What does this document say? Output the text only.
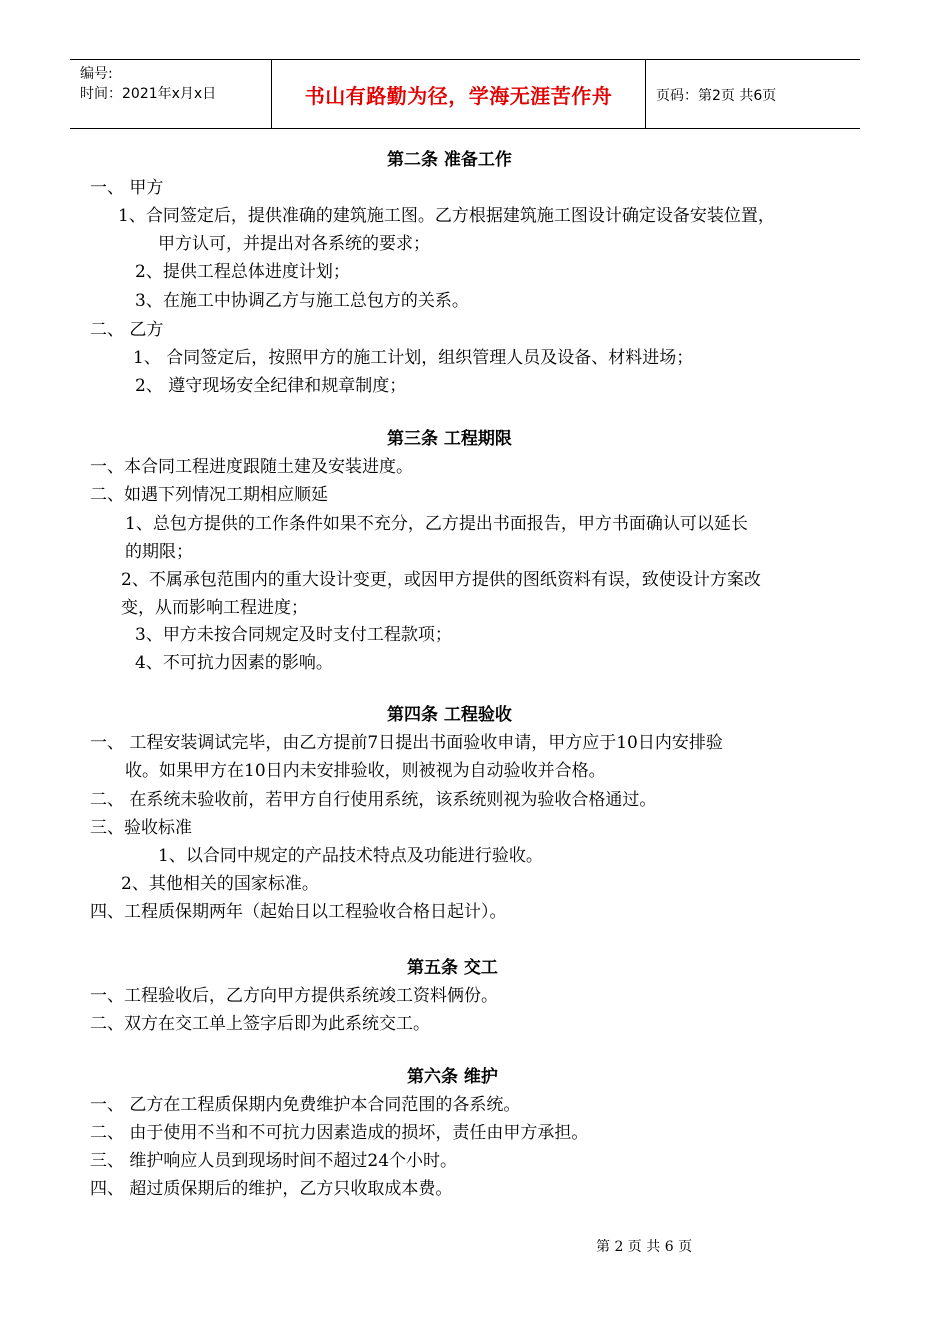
编号:
时间：2021年x月x日	书山有路勤为径，学海无涯苦作舟	页码：第2页 共6页
第二条 准备工作
一、 甲方
1、合同签定后，提供准确的建筑施工图。乙方根据建筑施工图设计确定设备安装位置，
甲方认可，并提出对各系统的要求；
2、提供工程总体进度计划；
3、在施工中协调乙方与施工总包方的关系。
二、 乙方
1、 合同签定后，按照甲方的施工计划，组织管理人员及设备、材料进场；
2、 遵守现场安全纪律和规章制度；
第三条 工程期限
一、本合同工程进度跟随土建及安装进度。
二、如遇下列情况工期相应顺延
1、总包方提供的工作条件如果不充分，乙方提出书面报告，甲方书面确认可以延长
的期限；
2、不属承包范围内的重大设计变更，或因甲方提供的图纸资料有误，致使设计方案改
变，从而影响工程进度；
3、甲方未按合同规定及时支付工程款项；
4、不可抗力因素的影响。
第四条 工程验收
一、 工程安装调试完毕，由乙方提前7日提出书面验收申请，甲方应于10日内安排验
收。如果甲方在10日内未安排验收，则被视为自动验收并合格。
二、 在系统未验收前，若甲方自行使用系统，该系统则视为验收合格通过。
三、验收标准
1、以合同中规定的产品技术特点及功能进行验收。
2、其他相关的国家标准。
四、工程质保期两年（起始日以工程验收合格日起计）。
第五条 交工
一、工程验收后，乙方向甲方提供系统竣工资料俩份。
二、双方在交工单上签字后即为此系统交工。
第六条 维护
一、 乙方在工程质保期内免费维护本合同范围的各系统。
二、 由于使用不当和不可抗力因素造成的损坏，责任由甲方承担。
三、 维护响应人员到现场时间不超过24个小时。
四、 超过质保期后的维护，乙方只收取成本费。
第 2 页 共 6 页
